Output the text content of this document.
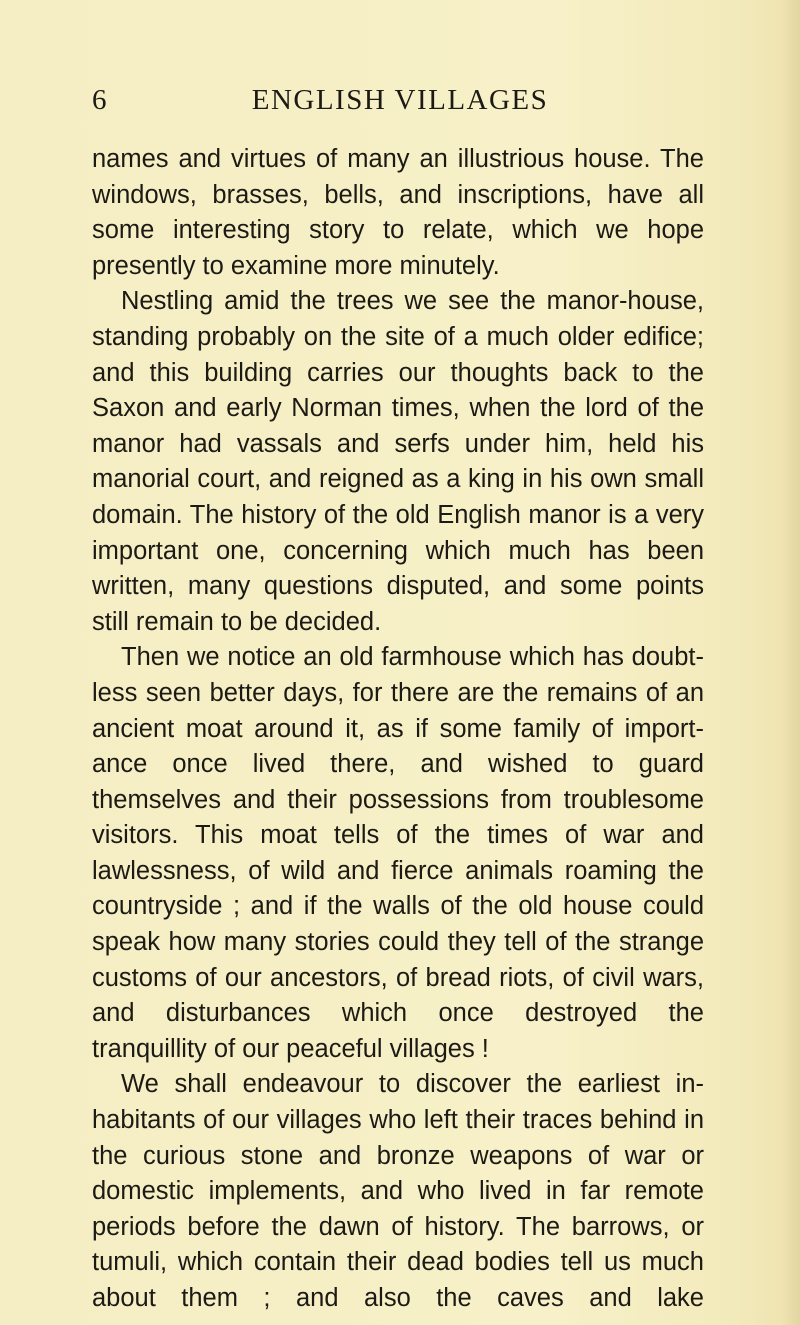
6	ENGLISH VILLAGES

names and virtues of many an illustrious house. The windows, brasses, bells, and inscriptions, have all some interesting story to relate, which we hope presently to examine more minutely.

Nestling amid the trees we see the manor-house, standing probably on the site of a much older edifice; and this building carries our thoughts back to the Saxon and early Norman times, when the lord of the manor had vassals and serfs under him, held his manorial court, and reigned as a king in his own small domain. The history of the old English manor is a very important one, concerning which much has been written, many questions disputed, and some points still remain to be decided.

Then we notice an old farmhouse which has doubtless seen better days, for there are the remains of an ancient moat around it, as if some family of importance once lived there, and wished to guard themselves and their possessions from troublesome visitors. This moat tells of the times of war and lawlessness, of wild and fierce animals roaming the countryside ; and if the walls of the old house could speak how many stories could they tell of the strange customs of our ancestors, of bread riots, of civil wars, and disturbances which once destroyed the tranquillity of our peaceful villages !

We shall endeavour to discover the earliest inhabitants of our villages who left their traces behind in the curious stone and bronze weapons of war or domestic implements, and who lived in far remote periods before the dawn of history. The barrows, or tumuli, which contain their dead bodies tell us much about them ; and also the caves and lake
